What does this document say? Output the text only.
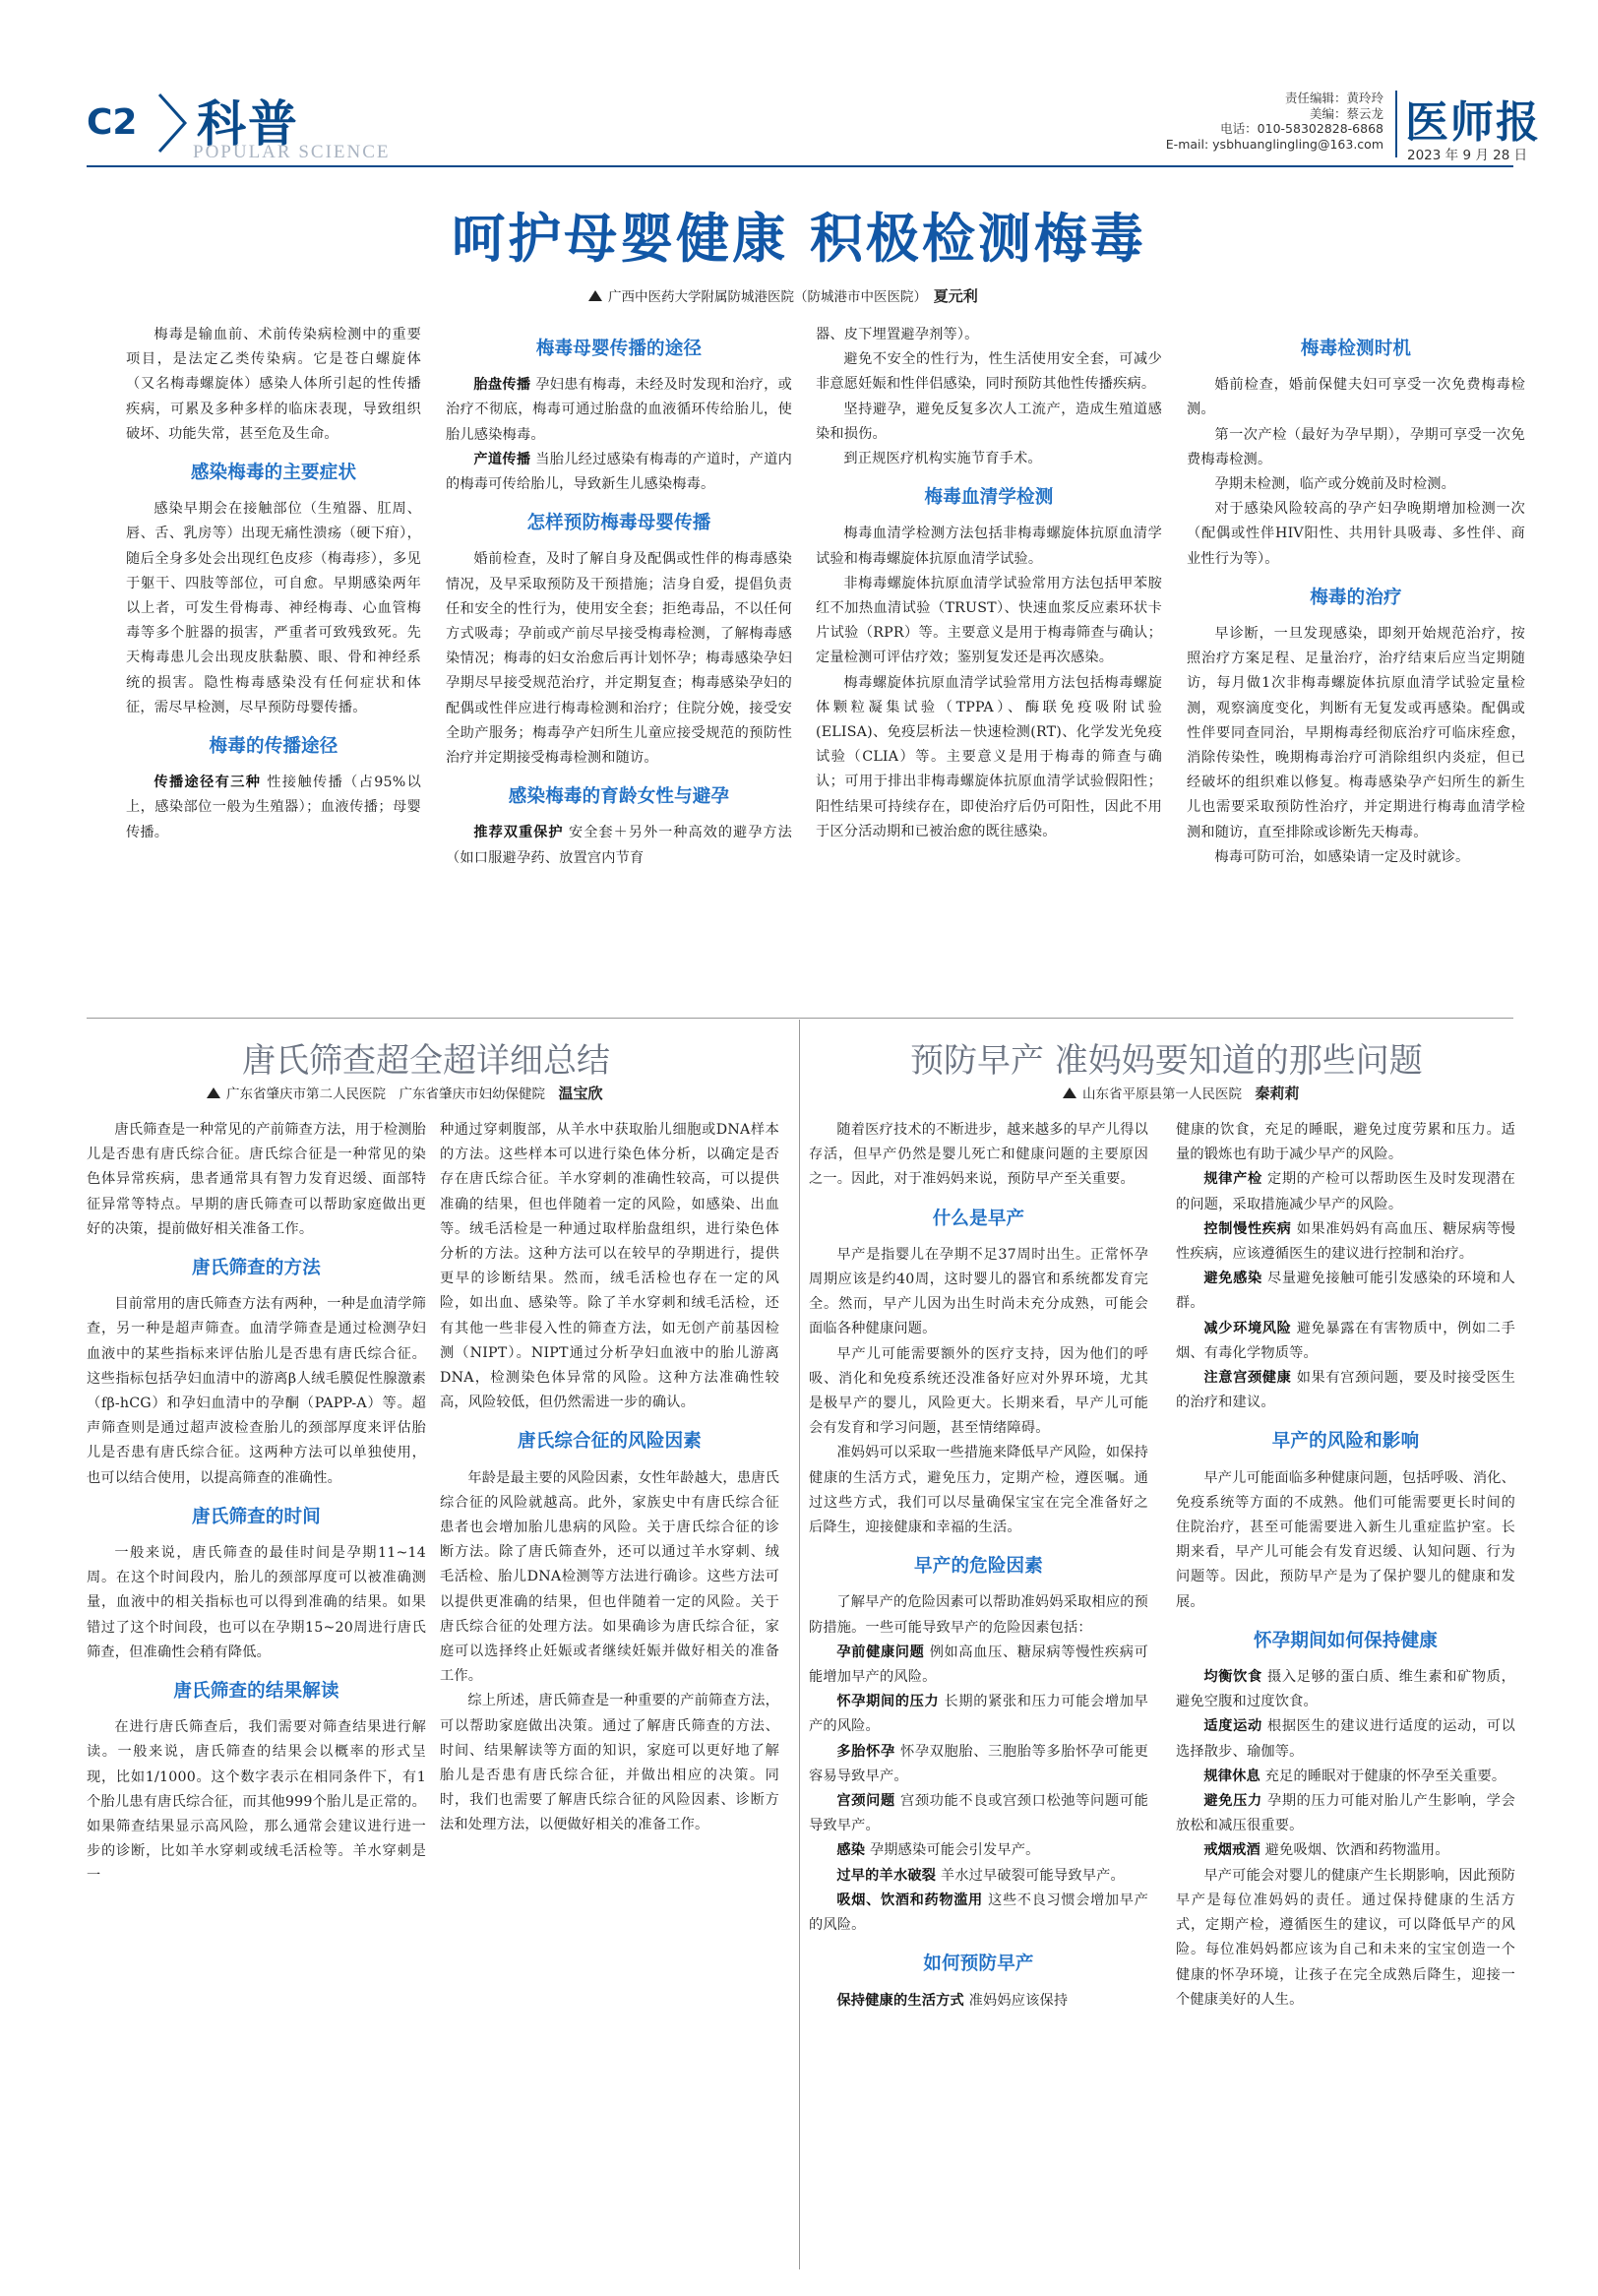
C2 科普
POPULAR SCIENCE
责任编辑：黄玲玲
美编：蔡云龙
电话：010-58302828-6868
E-mail: ysbhuanglingling@163.com 医师报
2023 年 9 月 28 日
呵护母婴健康 积极检测梅毒
广西中医药大学附属防城港医院（防城港市中医医院）　 夏元利

梅毒是输血前、术前传染病检测中的重要项目，是法定乙类传染病。它是苍白螺旋体（又名梅毒螺旋体）感染人体所引起的性传播疾病，可累及多种多样的临床表现，导致组织破坏、功能失常，甚至危及生命。

感染梅毒的主要症状

感染早期会在接触部位（生殖器、肛周、唇、舌、乳房等）出现无痛性溃疡（硬下疳），随后全身多处会出现红色皮疹（梅毒疹），多见于躯干、四肢等部位，可自愈。早期感染两年以上者，可发生骨梅毒、神经梅毒、心血管梅毒等多个脏器的损害，严重者可致残致死。先天梅毒患儿会出现皮肤黏膜、眼、骨和神经系统的损害。隐性梅毒感染没有任何症状和体征，需尽早检测，尽早预防母婴传播。

梅毒的传播途径

传播途径有三种 性接触传播（占95%以上，感染部位一般为生殖器）；血液传播；母婴传播。

梅毒母婴传播的途径

胎盘传播 孕妇患有梅毒，未经及时发现和治疗，或治疗不彻底，梅毒可通过胎盘的血液循环传给胎儿，使胎儿感染梅毒。

产道传播 当胎儿经过感染有梅毒的产道时，产道内的梅毒可传给胎儿，导致新生儿感染梅毒。

怎样预防梅毒母婴传播

婚前检查，及时了解自身及配偶或性伴的梅毒感染情况，及早采取预防及干预措施；洁身自爱，提倡负责任和安全的性行为，使用安全套；拒绝毒品，不以任何方式吸毒；孕前或产前尽早接受梅毒检测，了解梅毒感染情况；梅毒的妇女治愈后再计划怀孕；梅毒感染孕妇孕期尽早接受规范治疗，并定期复查；梅毒感染孕妇的配偶或性伴应进行梅毒检测和治疗；住院分娩，接受安全助产服务；梅毒孕产妇所生儿童应接受规范的预防性治疗并定期接受梅毒检测和随访。

感染梅毒的育龄女性与避孕

推荐双重保护 安全套＋另外一种高效的避孕方法（如口服避孕药、放置宫内节育

器、皮下埋置避孕剂等）。

避免不安全的性行为，性生活使用安全套，可减少非意愿妊娠和性伴侣感染，同时预防其他性传播疾病。

坚持避孕，避免反复多次人工流产，造成生殖道感染和损伤。

到正规医疗机构实施节育手术。

梅毒血清学检测

梅毒血清学检测方法包括非梅毒螺旋体抗原血清学试验和梅毒螺旋体抗原血清学试验。

非梅毒螺旋体抗原血清学试验常用方法包括甲苯胺红不加热血清试验（TRUST）、快速血浆反应素环状卡片试验（RPR）等。主要意义是用于梅毒筛查与确认；定量检测可评估疗效；鉴别复发还是再次感染。

梅毒螺旋体抗原血清学试验常用方法包括梅毒螺旋体颗粒凝集试验（TPPA）、酶联免疫吸附试验(ELISA)、免疫层析法－快速检测(RT)、化学发光免疫试验（CLIA）等。主要意义是用于梅毒的筛查与确认；可用于排出非梅毒螺旋体抗原血清学试验假阳性；阳性结果可持续存在，即使治疗后仍可阳性，因此不用于区分活动期和已被治愈的既往感染。

梅毒检测时机

婚前检查，婚前保健夫妇可享受一次免费梅毒检测。

第一次产检（最好为孕早期），孕期可享受一次免费梅毒检测。

孕期未检测，临产或分娩前及时检测。

对于感染风险较高的孕产妇孕晚期增加检测一次（配偶或性伴HIV阳性、共用针具吸毒、多性伴、商业性行为等）。

梅毒的治疗

早诊断，一旦发现感染，即刻开始规范治疗，按照治疗方案足程、足量治疗，治疗结束后应当定期随访，每月做1次非梅毒螺旋体抗原血清学试验定量检测，观察滴度变化，判断有无复发或再感染。配偶或性伴要同查同治，早期梅毒经彻底治疗可临床痊愈，消除传染性，晚期梅毒治疗可消除组织内炎症，但已经破坏的组织难以修复。梅毒感染孕产妇所生的新生儿也需要采取预防性治疗，并定期进行梅毒血清学检测和随访，直至排除或诊断先天梅毒。

梅毒可防可治，如感染请一定及时就诊。

唐氏筛查超全超详细总结
广东省肇庆市第二人民医院　广东省肇庆市妇幼保健院　 温宝欣

唐氏筛查是一种常见的产前筛查方法，用于检测胎儿是否患有唐氏综合征。唐氏综合征是一种常见的染色体异常疾病，患者通常具有智力发育迟缓、面部特征异常等特点。早期的唐氏筛查可以帮助家庭做出更好的决策，提前做好相关准备工作。

唐氏筛查的方法

目前常用的唐氏筛查方法有两种，一种是血清学筛查，另一种是超声筛查。血清学筛查是通过检测孕妇血液中的某些指标来评估胎儿是否患有唐氏综合征。这些指标包括孕妇血清中的游离β人绒毛膜促性腺激素（fβ-hCG）和孕妇血清中的孕酮（PAPP-A）等。超声筛查则是通过超声波检查胎儿的颈部厚度来评估胎儿是否患有唐氏综合征。这两种方法可以单独使用，也可以结合使用，以提高筛查的准确性。

唐氏筛查的时间

一般来说，唐氏筛查的最佳时间是孕期11~14周。在这个时间段内，胎儿的颈部厚度可以被准确测量，血液中的相关指标也可以得到准确的结果。如果错过了这个时间段，也可以在孕期15~20周进行唐氏筛查，但准确性会稍有降低。

唐氏筛查的结果解读

在进行唐氏筛查后，我们需要对筛查结果进行解读。一般来说，唐氏筛查的结果会以概率的形式呈现，比如1/1000。这个数字表示在相同条件下，有1个胎儿患有唐氏综合征，而其他999个胎儿是正常的。如果筛查结果显示高风险，那么通常会建议进行进一步的诊断，比如羊水穿刺或绒毛活检等。羊水穿刺是一

种通过穿刺腹部，从羊水中获取胎儿细胞或DNA样本的方法。这些样本可以进行染色体分析，以确定是否存在唐氏综合征。羊水穿刺的准确性较高，可以提供准确的结果，但也伴随着一定的风险，如感染、出血等。绒毛活检是一种通过取样胎盘组织，进行染色体分析的方法。这种方法可以在较早的孕期进行，提供更早的诊断结果。然而，绒毛活检也存在一定的风险，如出血、感染等。除了羊水穿刺和绒毛活检，还有其他一些非侵入性的筛查方法，如无创产前基因检测（NIPT）。NIPT通过分析孕妇血液中的胎儿游离DNA，检测染色体异常的风险。这种方法准确性较高，风险较低，但仍然需进一步的确认。

唐氏综合征的风险因素

年龄是最主要的风险因素，女性年龄越大，患唐氏综合征的风险就越高。此外，家族史中有唐氏综合征患者也会增加胎儿患病的风险。关于唐氏综合征的诊断方法。除了唐氏筛查外，还可以通过羊水穿刺、绒毛活检、胎儿DNA检测等方法进行确诊。这些方法可以提供更准确的结果，但也伴随着一定的风险。关于唐氏综合征的处理方法。如果确诊为唐氏综合征，家庭可以选择终止妊娠或者继续妊娠并做好相关的准备工作。

综上所述，唐氏筛查是一种重要的产前筛查方法，可以帮助家庭做出决策。通过了解唐氏筛查的方法、时间、结果解读等方面的知识，家庭可以更好地了解胎儿是否患有唐氏综合征，并做出相应的决策。同时，我们也需要了解唐氏综合征的风险因素、诊断方法和处理方法，以便做好相关的准备工作。

预防早产 准妈妈要知道的那些问题
山东省平原县第一人民医院　 秦莉莉

随着医疗技术的不断进步，越来越多的早产儿得以存活，但早产仍然是婴儿死亡和健康问题的主要原因之一。因此，对于准妈妈来说，预防早产至关重要。

什么是早产

早产是指婴儿在孕期不足37周时出生。正常怀孕周期应该是约40周，这时婴儿的器官和系统都发育完全。然而，早产儿因为出生时尚未充分成熟，可能会面临各种健康问题。

早产儿可能需要额外的医疗支持，因为他们的呼吸、消化和免疫系统还没准备好应对外界环境，尤其是极早产的婴儿，风险更大。长期来看，早产儿可能会有发育和学习问题，甚至情绪障碍。

准妈妈可以采取一些措施来降低早产风险，如保持健康的生活方式，避免压力，定期产检，遵医嘱。通过这些方式，我们可以尽量确保宝宝在完全准备好之后降生，迎接健康和幸福的生活。

早产的危险因素

了解早产的危险因素可以帮助准妈妈采取相应的预防措施。一些可能导致早产的危险因素包括：

孕前健康问题 例如高血压、糖尿病等慢性疾病可能增加早产的风险。

怀孕期间的压力 长期的紧张和压力可能会增加早产的风险。

多胎怀孕 怀孕双胞胎、三胞胎等多胎怀孕可能更容易导致早产。

宫颈问题 宫颈功能不良或宫颈口松弛等问题可能导致早产。

感染 孕期感染可能会引发早产。

过早的羊水破裂 羊水过早破裂可能导致早产。

吸烟、饮酒和药物滥用 这些不良习惯会增加早产的风险。

如何预防早产

保持健康的生活方式 准妈妈应该保持

健康的饮食，充足的睡眠，避免过度劳累和压力。适量的锻炼也有助于减少早产的风险。

规律产检 定期的产检可以帮助医生及时发现潜在的问题，采取措施减少早产的风险。

控制慢性疾病 如果准妈妈有高血压、糖尿病等慢性疾病，应该遵循医生的建议进行控制和治疗。

避免感染 尽量避免接触可能引发感染的环境和人群。

减少环境风险 避免暴露在有害物质中，例如二手烟、有毒化学物质等。

注意宫颈健康 如果有宫颈问题，要及时接受医生的治疗和建议。

早产的风险和影响

早产儿可能面临多种健康问题，包括呼吸、消化、免疫系统等方面的不成熟。他们可能需要更长时间的住院治疗，甚至可能需要进入新生儿重症监护室。长期来看，早产儿可能会有发育迟缓、认知问题、行为问题等。因此，预防早产是为了保护婴儿的健康和发展。

怀孕期间如何保持健康

均衡饮食 摄入足够的蛋白质、维生素和矿物质，避免空腹和过度饮食。

适度运动 根据医生的建议进行适度的运动，可以选择散步、瑜伽等。

规律休息 充足的睡眠对于健康的怀孕至关重要。

避免压力 孕期的压力可能对胎儿产生影响，学会放松和减压很重要。

戒烟戒酒 避免吸烟、饮酒和药物滥用。

早产可能会对婴儿的健康产生长期影响，因此预防早产是每位准妈妈的责任。通过保持健康的生活方式，定期产检，遵循医生的建议，可以降低早产的风险。每位准妈妈都应该为自己和未来的宝宝创造一个健康的怀孕环境，让孩子在完全成熟后降生，迎接一个健康美好的人生。
